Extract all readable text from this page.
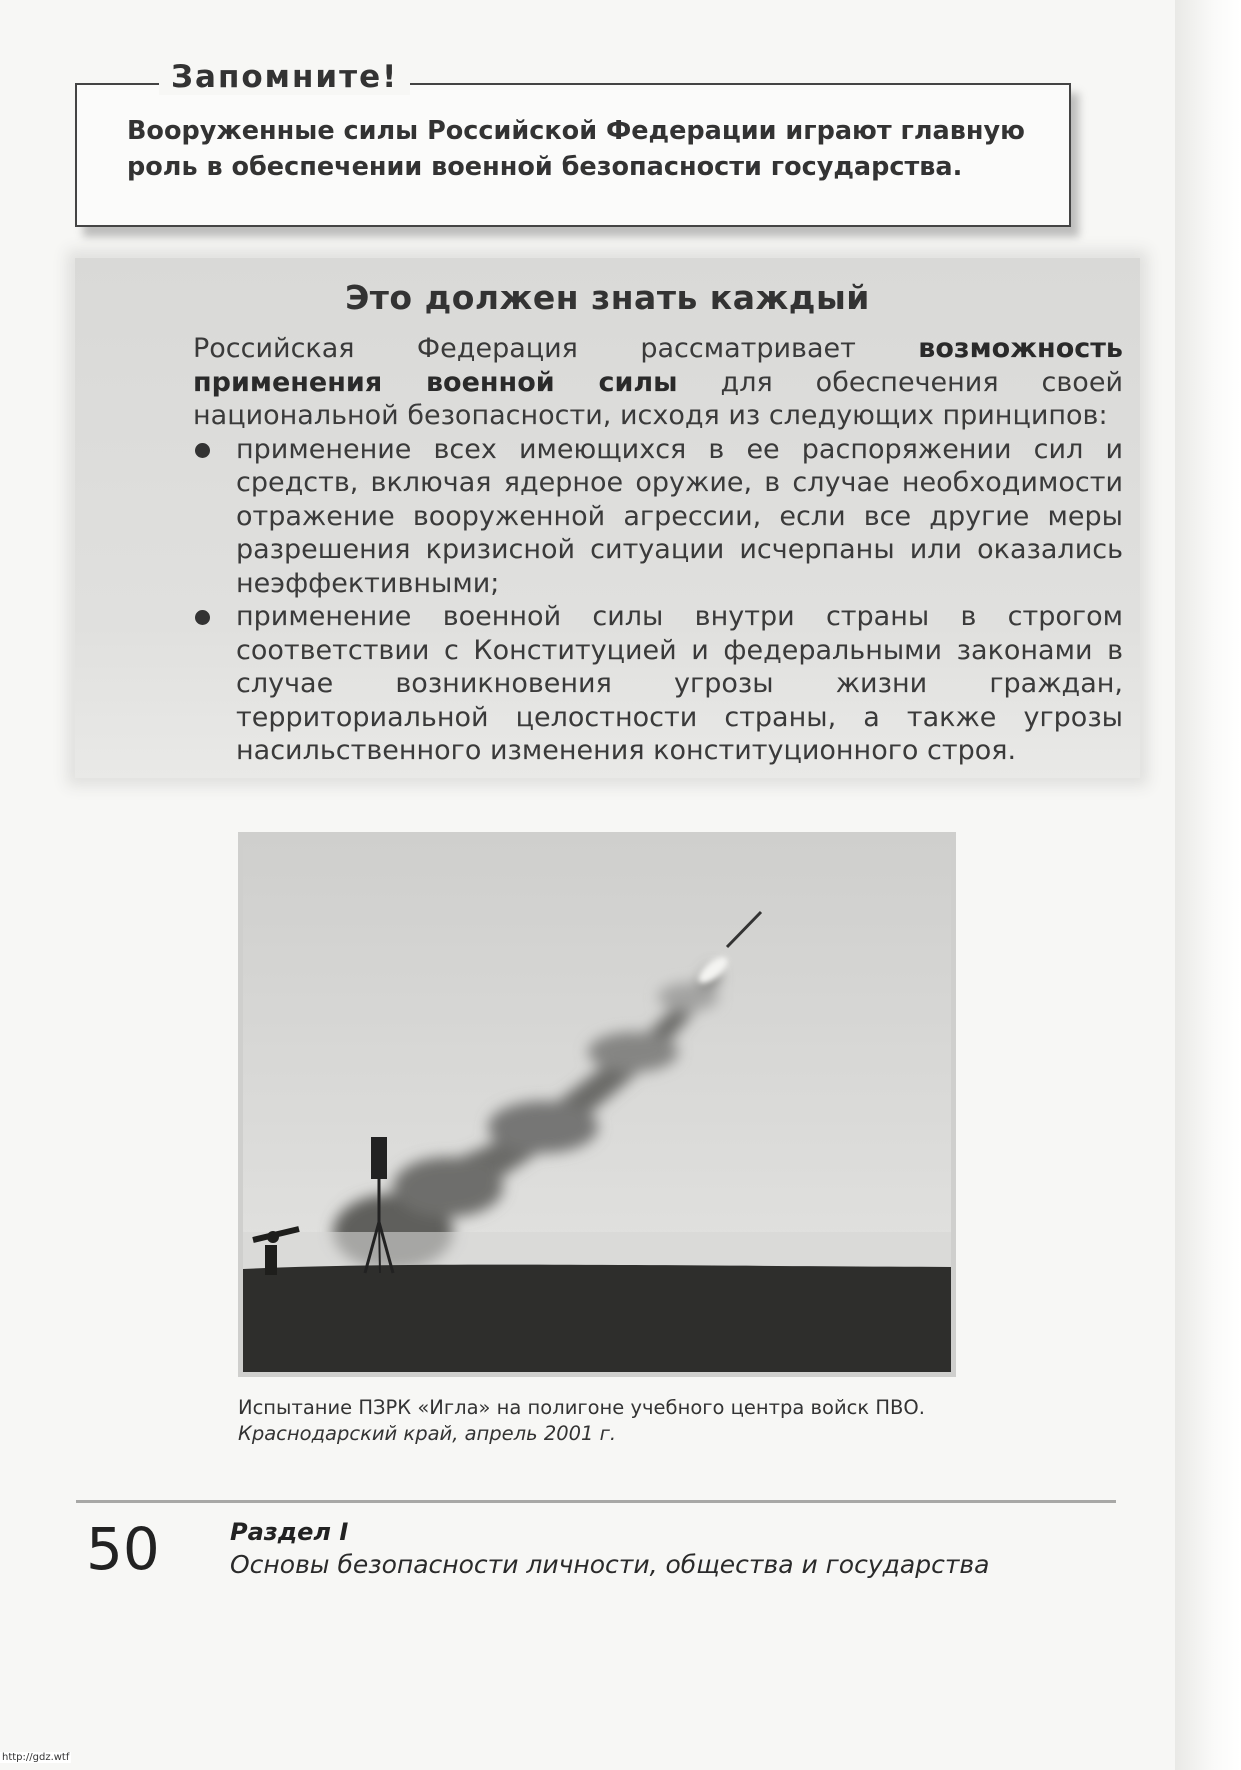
Запомните!
Вооруженные силы Российской Федерации играют главную роль в обеспечении военной безопасности государства.
Это должен знать каждый

Российская Федерация рассматривает возможность применения военной силы для обеспечения своей национальной безопасности, исходя из следующих принципов:

применение всех имеющихся в ее распоряжении сил и средств, включая ядерное оружие, в случае необходимости отражение вооруженной агрессии, если все другие меры разрешения кризисной ситуации исчерпаны или оказались неэффективными;
применение военной силы внутри страны в строгом соответствии с Конституцией и федеральными законами в случае возникновения угрозы жизни граждан, территориальной целостности страны, а также угрозы насильственного изменения конституционного строя.
Испытание ПЗРК «Игла» на полигоне учебного центра войск ПВО.
Краснодарский край, апрель 2001 г.
50	Раздел I
Основы безопасности личности, общества и государства
http://gdz.wtf
